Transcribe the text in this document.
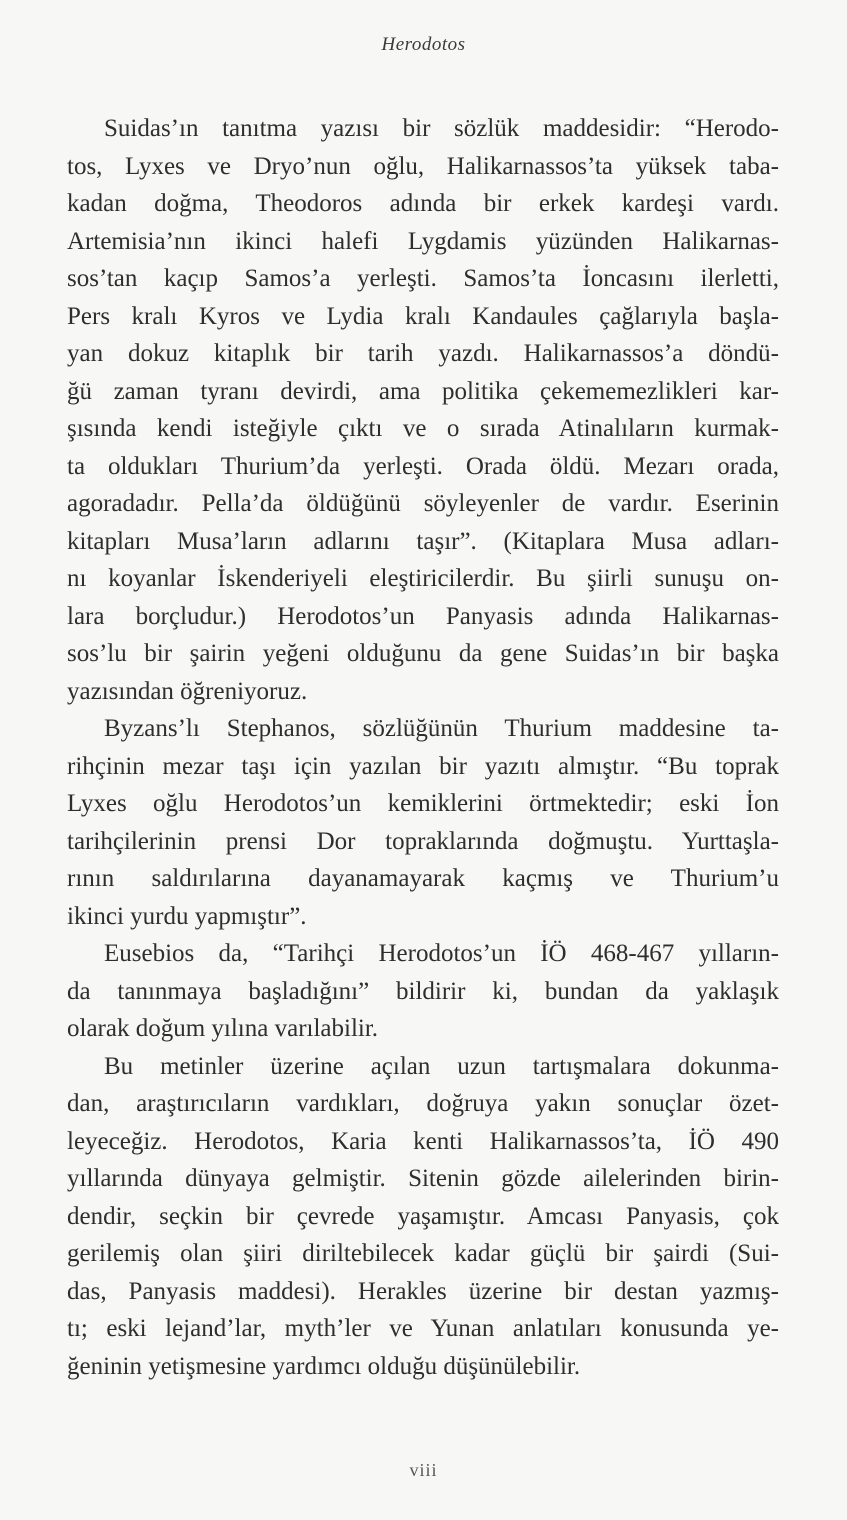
Herodotos
Suidas’ın tanıtma yazısı bir sözlük maddesidir: “Herodo-
tos, Lyxes ve Dryo’nun oğlu, Halikarnassos’ta yüksek taba-
kadan doğma, Theodoros adında bir erkek kardeşi vardı.
Artemisia’nın ikinci halefi Lygdamis yüzünden Halikarnas-
sos’tan kaçıp Samos’a yerleşti. Samos’ta İoncasını ilerletti,
Pers kralı Kyros ve Lydia kralı Kandaules çağlarıyla başla-
yan dokuz kitaplık bir tarih yazdı. Halikarnassos’a döndü-
ğü zaman tyranı devirdi, ama politika çekememezlikleri kar-
şısında kendi isteğiyle çıktı ve o sırada Atinalıların kurmak-
ta oldukları Thurium’da yerleşti. Orada öldü. Mezarı orada,
agoradadır. Pella’da öldüğünü söyleyenler de vardır. Eserinin
kitapları Musa’ların adlarını taşır”. (Kitaplara Musa adları-
nı koyanlar İskenderiyeli eleştiricilerdir. Bu şiirli sunuşu on-
lara borçludur.) Herodotos’un Panyasis adında Halikarnas-
sos’lu bir şairin yeğeni olduğunu da gene Suidas’ın bir başka
yazısından öğreniyoruz.
Byzans’lı Stephanos, sözlüğünün Thurium maddesine ta-
rihçinin mezar taşı için yazılan bir yazıtı almıştır. “Bu toprak
Lyxes oğlu Herodotos’un kemiklerini örtmektedir; eski İon
tarihçilerinin prensi Dor topraklarında doğmuştu. Yurttaşla-
rının saldırılarına dayanamayarak kaçmış ve Thurium’u
ikinci yurdu yapmıştır”.
Eusebios da, “Tarihçi Herodotos’un İÖ 468-467 yılların-
da tanınmaya başladığını” bildirir ki, bundan da yaklaşık
olarak doğum yılına varılabilir.
Bu metinler üzerine açılan uzun tartışmalara dokunma-
dan, araştırıcıların vardıkları, doğruya yakın sonuçlar özet-
leyeceğiz. Herodotos, Karia kenti Halikarnassos’ta, İÖ 490
yıllarında dünyaya gelmiştir. Sitenin gözde ailelerinden birin-
dendir, seçkin bir çevrede yaşamıştır. Amcası Panyasis, çok
gerilemiş olan şiiri diriltebilecek kadar güçlü bir şairdi (Sui-
das, Panyasis maddesi). Herakles üzerine bir destan yazmış-
tı; eski lejand’lar, myth’ler ve Yunan anlatıları konusunda ye-
ğeninin yetişmesine yardımcı olduğu düşünülebilir.
viii
